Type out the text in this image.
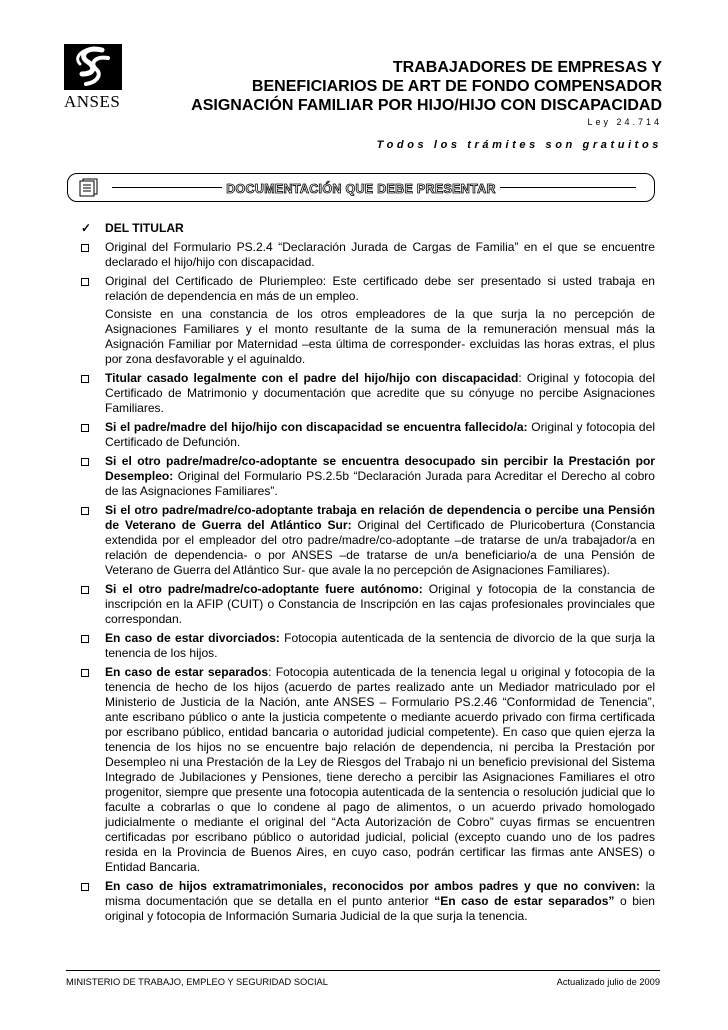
ANSES
TRABAJADORES DE EMPRESAS Y
BENEFICIARIOS DE ART DE FONDO COMPENSADOR
ASIGNACIÓN FAMILIAR POR HIJO/HIJO CON DISCAPACIDAD
Ley 24.714
Todos los trámites son gratuitos
DOCUMENTACIÓN QUE DEBE PRESENTAR
✓ DEL TITULAR
Original del Formulario PS.2.4 “Declaración Jurada de Cargas de Familia” en el que se encuentre declarado el hijo/hijo con discapacidad.
Original del Certificado de Pluriempleo: Este certificado debe ser presentado si usted trabaja en relación de dependencia en más de un empleo.
Consiste en una constancia de los otros empleadores de la que surja la no percepción de Asignaciones Familiares y el monto resultante de la suma de la remuneración mensual más la Asignación Familiar por Maternidad –esta última de corresponder- excluidas las horas extras, el plus por zona desfavorable y el aguinaldo.
Titular casado legalmente con el padre del hijo/hijo con discapacidad: Original y fotocopia del Certificado de Matrimonio y documentación que acredite que su cónyuge no percibe Asignaciones Familiares.
Si el padre/madre del hijo/hijo con discapacidad se encuentra fallecido/a: Original y fotocopia del Certificado de Defunción.
Si el otro padre/madre/co-adoptante se encuentra desocupado sin percibir la Prestación por Desempleo: Original del Formulario PS.2.5b “Declaración Jurada para Acreditar el Derecho al cobro de las Asignaciones Familiares”.
Si el otro padre/madre/co-adoptante trabaja en relación de dependencia o percibe una Pensión de Veterano de Guerra del Atlántico Sur: Original del Certificado de Pluricobertura (Constancia extendida por el empleador del otro padre/madre/co-adoptante –de tratarse de un/a trabajador/a en relación de dependencia- o por ANSES –de tratarse de un/a beneficiario/a de una Pensión de Veterano de Guerra del Atlántico Sur- que avale la no percepción de Asignaciones Familiares).
Si el otro padre/madre/co-adoptante fuere autónomo: Original y fotocopia de la constancia de inscripción en la AFIP (CUIT) o Constancia de Inscripción en las cajas profesionales provinciales que correspondan.
En caso de estar divorciados: Fotocopia autenticada de la sentencia de divorcio de la que surja la tenencia de los hijos.
En caso de estar separados: Fotocopia autenticada de la tenencia legal u original y fotocopia de la tenencia de hecho de los hijos (acuerdo de partes realizado ante un Mediador matriculado por el Ministerio de Justicia de la Nación, ante ANSES – Formulario PS.2.46 “Conformidad de Tenencia”, ante escribano público o ante la justicia competente o mediante acuerdo privado con firma certificada por escribano público, entidad bancaria o autoridad judicial competente). En caso que quien ejerza la tenencia de los hijos no se encuentre bajo relación de dependencia, ni perciba la Prestación por Desempleo ni una Prestación de la Ley de Riesgos del Trabajo ni un beneficio previsional del Sistema Integrado de Jubilaciones y Pensiones, tiene derecho a percibir las Asignaciones Familiares el otro progenitor, siempre que presente una fotocopia autenticada de la sentencia o resolución judicial que lo faculte a cobrarlas o que lo condene al pago de alimentos, o un acuerdo privado homologado judicialmente o mediante el original del “Acta Autorización de Cobro” cuyas firmas se encuentren certificadas por escribano público o autoridad judicial, policial (excepto cuando uno de los padres resida en la Provincia de Buenos Aires, en cuyo caso, podrán certificar las firmas ante ANSES) o Entidad Bancaria.
En caso de hijos extramatrimoniales, reconocidos por ambos padres y que no conviven: la misma documentación que se detalla en el punto anterior “En caso de estar separados” o bien original y fotocopia de Información Sumaria Judicial de la que surja la tenencia.
MINISTERIO DE TRABAJO, EMPLEO Y SEGURIDAD SOCIAL	Actualizado julio de 2009
